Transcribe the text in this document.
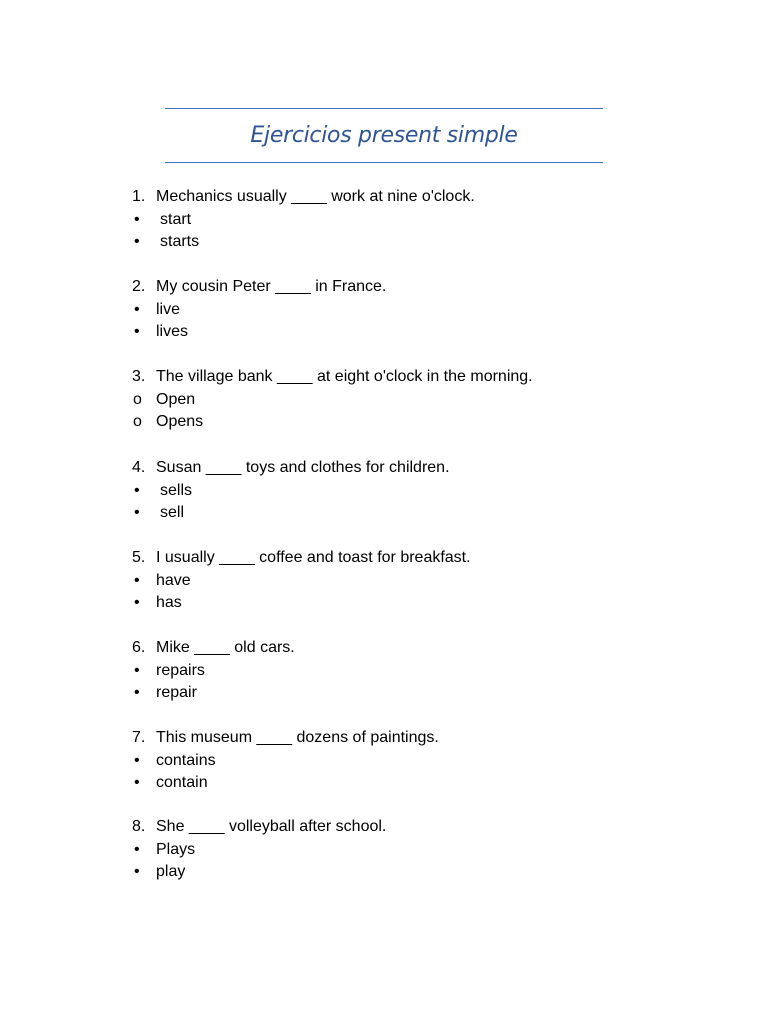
Ejercicios present simple
1. Mechanics usually ____ work at nine o'clock.
•	start
•	starts
2. My cousin Peter ____ in France.
•	live
•	lives
3. The village bank ____ at eight o'clock in the morning.
o Open
o Opens
4. Susan ____ toys and clothes for children.
•	sells
•	sell
5. I usually ____ coffee and toast for breakfast.
•	have
•	has
6. Mike ____ old cars.
•	repairs
•	repair
7. This museum ____ dozens of paintings.
•	contains
•	contain
8. She ____ volleyball after school.
•	Plays
•	play
